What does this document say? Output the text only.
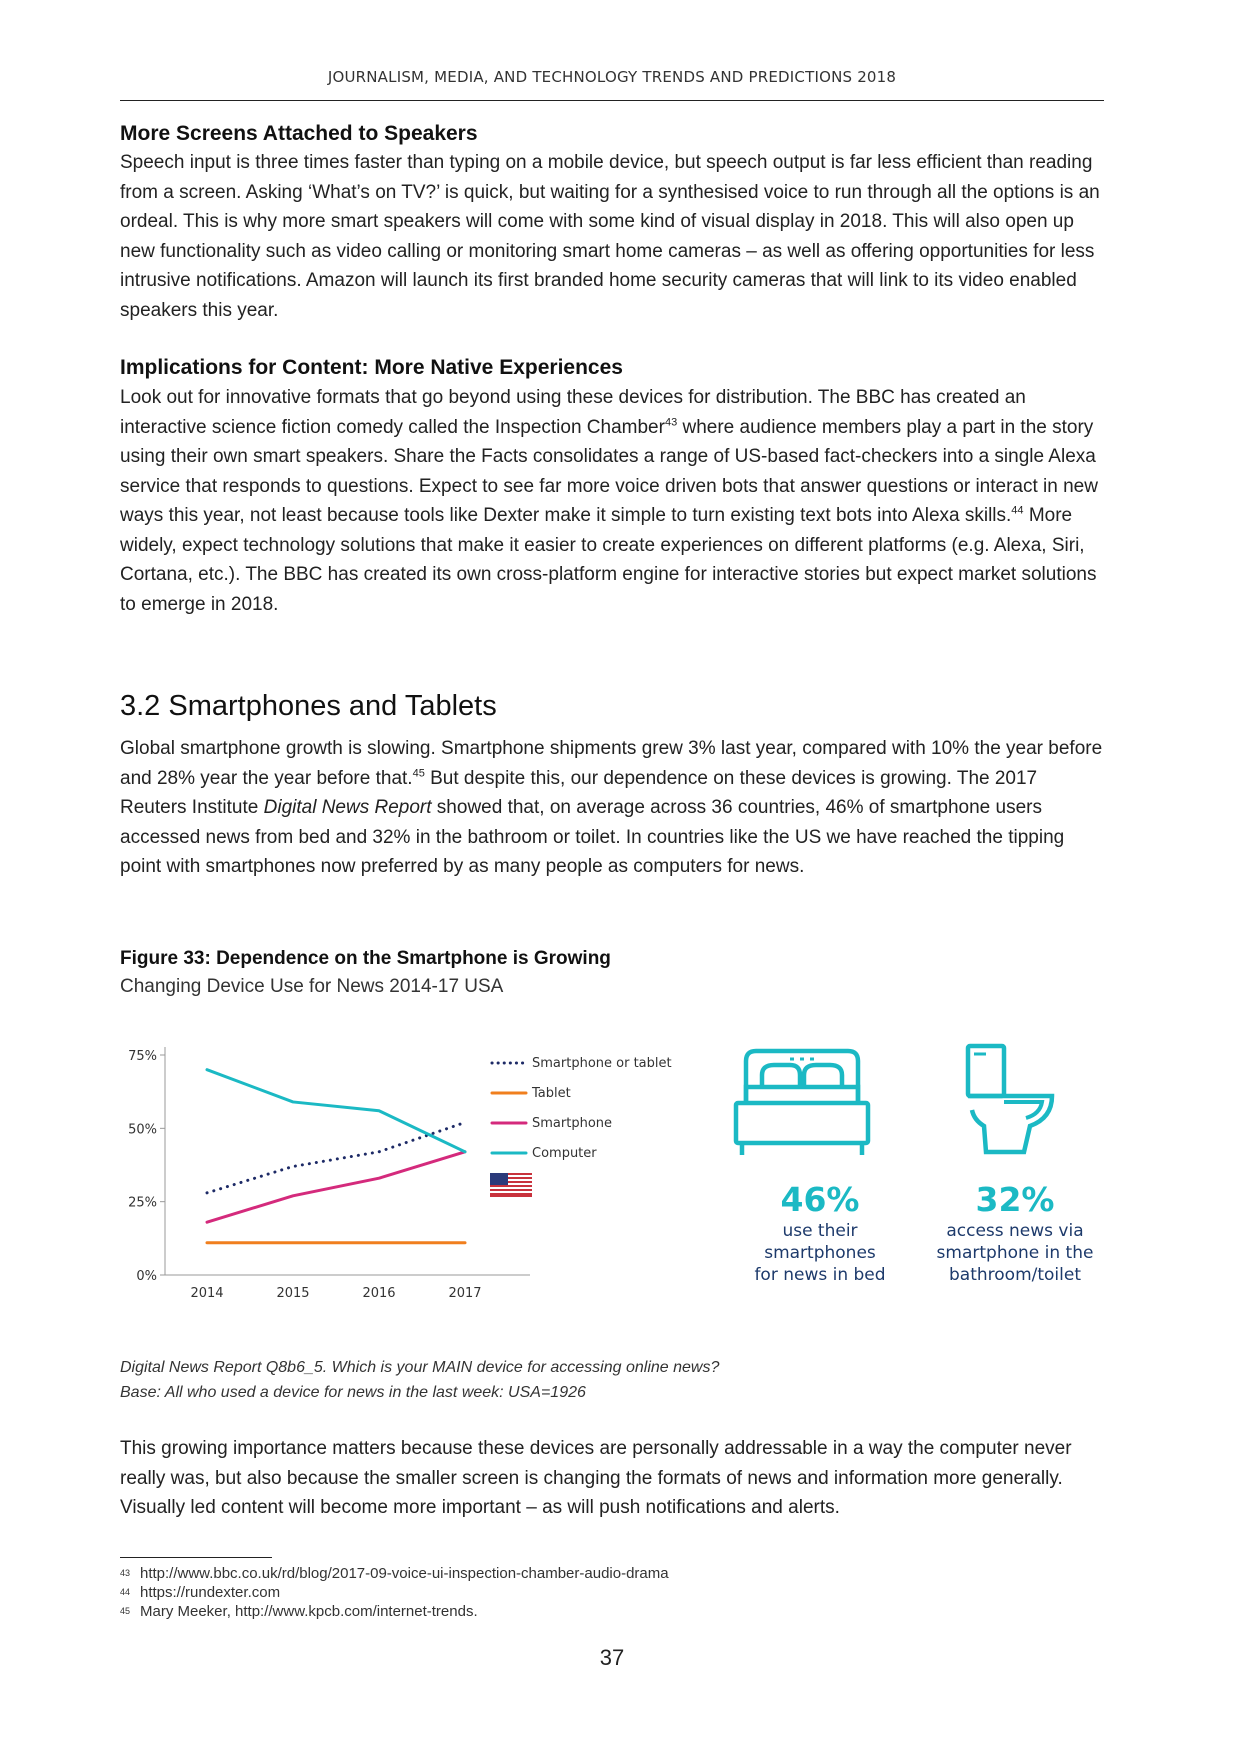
JOURNALISM, MEDIA, AND TECHNOLOGY TRENDS AND PREDICTIONS 2018
More Screens Attached to Speakers

Speech input is three times faster than typing on a mobile device, but speech output is far less efficient than reading from a screen. Asking ‘What’s on TV?’ is quick, but waiting for a synthesised voice to run through all the options is an ordeal. This is why more smart speakers will come with some kind of visual display in 2018. This will also open up new functionality such as video calling or monitoring smart home cameras – as well as offering opportunities for less intrusive notifications. Amazon will launch its first branded home security cameras that will link to its video enabled speakers this year.

Implications for Content: More Native Experiences

Look out for innovative formats that go beyond using these devices for distribution. The BBC has created an interactive science fiction comedy called the Inspection Chamber$^{43}$ where audience members play a part in the story using their own smart speakers. Share the Facts consolidates a range of US-based fact-checkers into a single Alexa service that responds to questions. Expect to see far more voice driven bots that answer questions or interact in new ways this year, not least because tools like Dexter make it simple to turn existing text bots into Alexa skills.$^{44}$ More widely, expect technology solutions that make it easier to create experiences on different platforms (e.g. Alexa, Siri, Cortana, etc.). The BBC has created its own cross-platform engine for interactive stories but expect market solutions to emerge in 2018.

3.2 Smartphones and Tablets

Global smartphone growth is slowing. Smartphone shipments grew 3% last year, compared with 10% the year before and 28% year the year before that.$^{45}$ But despite this, our dependence on these devices is growing. The 2017 Reuters Institute Digital News Report showed that, on average across 36 countries, 46% of smartphone users accessed news from bed and 32% in the bathroom or toilet. In countries like the US we have reached the tipping point with smartphones now preferred by as many people as computers for news.

Figure 33: Dependence on the Smartphone is Growing
Changing Device Use for News 2014-17 USA
0%
25%
50%
75%
2014	2015	2016	2017
Smartphone or tablet
Tablet
Smartphone
Computer
46%
use their
smartphones
for news in bed
32%
access news via
smartphone in the
bathroom/toilet

Digital News Report Q8b6_5. Which is your MAIN device for accessing online news?

Base: All who used a device for news in the last week: USA=1926

This growing importance matters because these devices are personally addressable in a way the computer never really was, but also because the smaller screen is changing the formats of news and information more generally. Visually led content will become more important – as will push notifications and alerts.

43 http://www.bbc.co.uk/rd/blog/2017-09-voice-ui-inspection-chamber-audio-drama
44 https://rundexter.com
45 Mary Meeker, http://www.kpcb.com/internet-trends.
37
